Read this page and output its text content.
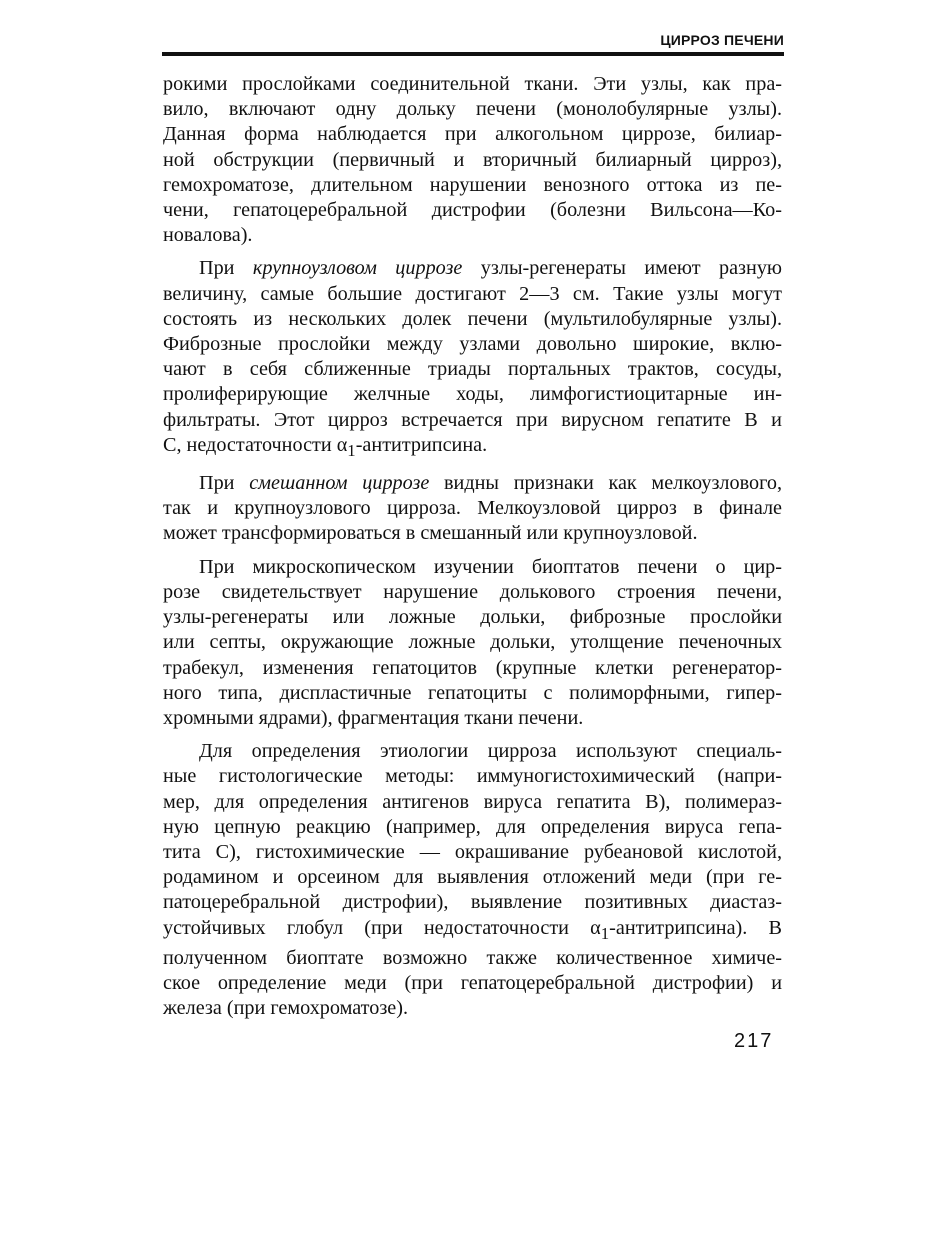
ЦИРРОЗ ПЕЧЕНИ

рокими прослойками соединительной ткани. Эти узлы, как пра-
вило, включают одну дольку печени (монолобулярные узлы).
Данная форма наблюдается при алкогольном циррозе, билиар-
ной обструкции (первичный и вторичный билиарный цирроз),
гемохроматозе, длительном нарушении венозного оттока из пе-
чени, гепатоцеребральной дистрофии (болезни Вильсона—Ко-
новалова).

При крупноузловом циррозе узлы-регенераты имеют разную
величину, самые большие достигают 2—3 см. Такие узлы могут
состоять из нескольких долек печени (мультилобулярные узлы).
Фиброзные прослойки между узлами довольно широкие, вклю-
чают в себя сближенные триады портальных трактов, сосуды,
пролиферирующие желчные ходы, лимфогистиоцитарные ин-
фильтраты. Этот цирроз встречается при вирусном гепатите В и
С, недостаточности $\alpha_1$-антитрипсина.

При смешанном циррозе видны признаки как мелкоузлового,
так и крупноузлового цирроза. Мелкоузловой цирроз в финале
может трансформироваться в смешанный или крупноузловой.

При микроскопическом изучении биоптатов печени о цир-
розе свидетельствует нарушение долькового строения печени,
узлы-регенераты или ложные дольки, фиброзные прослойки
или септы, окружающие ложные дольки, утолщение печеночных
трабекул, изменения гепатоцитов (крупные клетки регенератор-
ного типа, диспластичные гепатоциты с полиморфными, гипер-
хромными ядрами), фрагментация ткани печени.

Для определения этиологии цирроза используют специаль-
ные гистологические методы: иммуногистохимический (напри-
мер, для определения антигенов вируса гепатита В), полимераз-
ную цепную реакцию (например, для определения вируса гепа-
тита С), гистохимические — окрашивание рубеановой кислотой,
родамином и орсеином для выявления отложений меди (при ге-
патоцеребральной дистрофии), выявление позитивных диастаз-
устойчивых глобул (при недостаточности $\alpha_1-антитрипсина$). В
полученном биоптате возможно также количественное химиче-
ское определение меди (при гепатоцеребральной дистрофии) и
железа (при гемохроматозе).

217
